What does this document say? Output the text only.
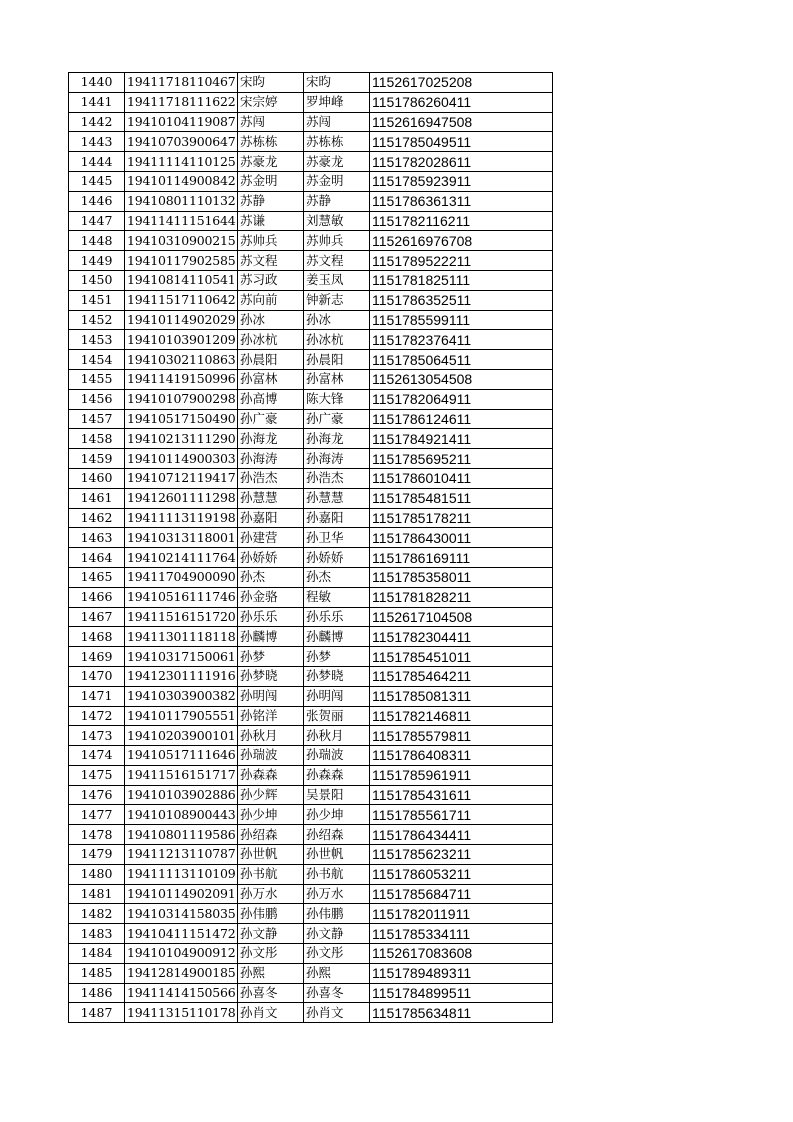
1440	19411718110467	宋昀	宋昀	1152617025208
1441	19411718111622	宋宗婷	罗坤峰	1151786260411
1442	19410104119087	苏闯	苏闯	1152616947508
1443	19410703900647	苏栋栋	苏栋栋	1151785049511
1444	19411114110125	苏豪龙	苏豪龙	1151782028611
1445	19410114900842	苏金明	苏金明	1151785923911
1446	19410801110132	苏静	苏静	1151786361311
1447	19411411151644	苏谦	刘慧敏	1151782116211
1448	19410310900215	苏帅兵	苏帅兵	1152616976708
1449	19410117902585	苏文程	苏文程	1151789522211
1450	19410814110541	苏习政	姜玉凤	1151781825111
1451	19411517110642	苏向前	钟新志	1151786352511
1452	19410114902029	孙冰	孙冰	1151785599111
1453	19410103901209	孙冰杭	孙冰杭	1151782376411
1454	19410302110863	孙晨阳	孙晨阳	1151785064511
1455	19411419150996	孙富林	孙富林	1152613054508
1456	19410107900298	孙高博	陈大锋	1151782064911
1457	19410517150490	孙广豪	孙广豪	1151786124611
1458	19410213111290	孙海龙	孙海龙	1151784921411
1459	19410114900303	孙海涛	孙海涛	1151785695211
1460	19410712119417	孙浩杰	孙浩杰	1151786010411
1461	19412601111298	孙慧慧	孙慧慧	1151785481511
1462	19411113119198	孙嘉阳	孙嘉阳	1151785178211
1463	19410313118001	孙建营	孙卫华	1151786430011
1464	19410214111764	孙娇娇	孙娇娇	1151786169111
1465	19411704900090	孙杰	孙杰	1151785358011
1466	19410516111746	孙金骆	程敏	1151781828211
1467	19411516151720	孙乐乐	孙乐乐	1152617104508
1468	19411301118118	孙麟博	孙麟博	1151782304411
1469	19410317150061	孙梦	孙梦	1151785451011
1470	19412301111916	孙梦晓	孙梦晓	1151785464211
1471	19410303900382	孙明闯	孙明闯	1151785081311
1472	19410117905551	孙铭洋	张贺丽	1151782146811
1473	19410203900101	孙秋月	孙秋月	1151785579811
1474	19410517111646	孙瑞波	孙瑞波	1151786408311
1475	19411516151717	孙森森	孙森森	1151785961911
1476	19410103902886	孙少辉	吴景阳	1151785431611
1477	19410108900443	孙少坤	孙少坤	1151785561711
1478	19410801119586	孙绍森	孙绍森	1151786434411
1479	19411213110787	孙世帆	孙世帆	1151785623211
1480	19411113110109	孙书航	孙书航	1151786053211
1481	19410114902091	孙万水	孙万水	1151785684711
1482	19410314158035	孙伟鹏	孙伟鹏	1151782011911
1483	19410411151472	孙文静	孙文静	1151785334111
1484	19410104900912	孙文彤	孙文彤	1152617083608
1485	19412814900185	孙熙	孙熙	1151789489311
1486	19411414150566	孙喜冬	孙喜冬	1151784899511
1487	19411315110178	孙肖文	孙肖文	1151785634811
